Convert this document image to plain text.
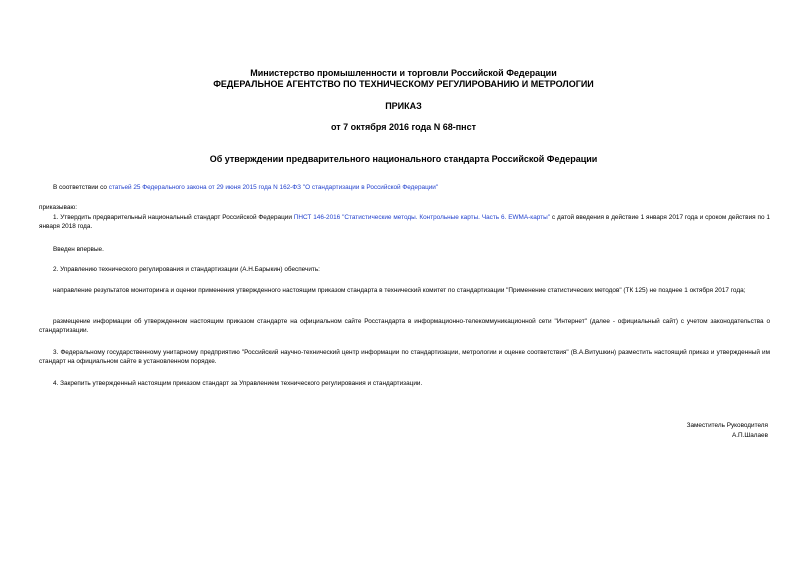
Министерство промышленности и торговли Российской Федерации
ФЕДЕРАЛЬНОЕ АГЕНТСТВО ПО ТЕХНИЧЕСКОМУ РЕГУЛИРОВАНИЮ И МЕТРОЛОГИИ
ПРИКАЗ
от 7 октября 2016 года N 68-пнст
Об утверждении предварительного национального стандарта Российской Федерации
В соответствии со статьей 25 Федерального закона от 29 июня 2015 года N 162-ФЗ "О стандартизации в Российской Федерации"
приказываю:
1. Утвердить предварительный национальный стандарт Российской Федерации ПНСТ 146-2016 "Статистические методы. Контрольные карты. Часть 6. EWMA-карты" с датой введения в действие 1 января 2017 года и сроком действия по 1 января 2018 года.
Введен впервые.
2. Управлению технического регулирования и стандартизации (А.Н.Барыкин) обеспечить:
направление результатов мониторинга и оценки применения утвержденного настоящим приказом стандарта в технический комитет по стандартизации "Применение статистических методов" (ТК 125) не позднее 1 октября 2017 года;
размещение информации об утвержденном настоящим приказом стандарте на официальном сайте Росстандарта в информационно-телекоммуникационной сети "Интернет" (далее - официальный сайт) с учетом законодательства о стандартизации.
3. Федеральному государственному унитарному предприятию "Российский научно-технический центр информации по стандартизации, метрологии и оценке соответствия" (В.А.Витушкин) разместить настоящий приказ и утвержденный им стандарт на официальном сайте в установленном порядке.
4. Закрепить утвержденный настоящим приказом стандарт за Управлением технического регулирования и стандартизации.
Заместитель Руководителя
А.П.Шалаев
